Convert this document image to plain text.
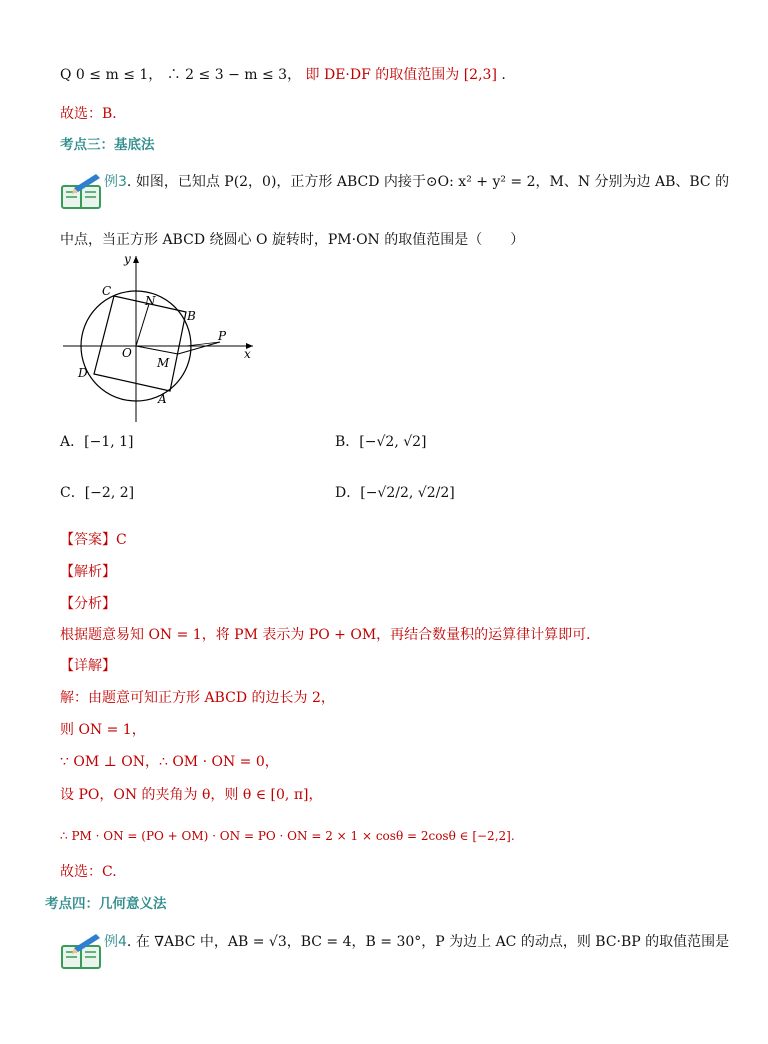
Q 0 ≤ m ≤ 1， ∴ 2 ≤ 3 − m ≤ 3， 即 DE·DF 的取值范围为 [2,3] .
故选：B.
考点三：基底法
例3. 如图，已知点 P(2，0)，正方形 ABCD 内接于⊙O: x² + y² = 2，M、N 分别为边 AB、BC 的
中点，当正方形 ABCD 绕圆心 O 旋转时，PM·ON 的取值范围是（　　）
y
x
C
N
B
P
O
M
D
A
A．[−1, 1]	B．[−√2, √2]
C．[−2, 2]	D．[−√2/2, √2/2]
【答案】C
【解析】
【分析】
根据题意易知 ON = 1，将 PM 表示为 PO + OM，再结合数量积的运算律计算即可．
【详解】
解：由题意可知正方形 ABCD 的边长为 2，
则 ON = 1，
∵ OM ⊥ ON，∴ OM · ON = 0，
设 PO，ON 的夹角为 θ，则 θ ∈ [0, π]，
∴ PM · ON = (PO + OM) · ON = PO · ON = 2 × 1 × cosθ = 2cosθ ∈ [−2,2].
故选：C.
考点四：几何意义法
例4. 在 ∇ABC 中，AB = √3，BC = 4，B = 30°，P 为边上 AC 的动点，则 BC·BP 的取值范围是
